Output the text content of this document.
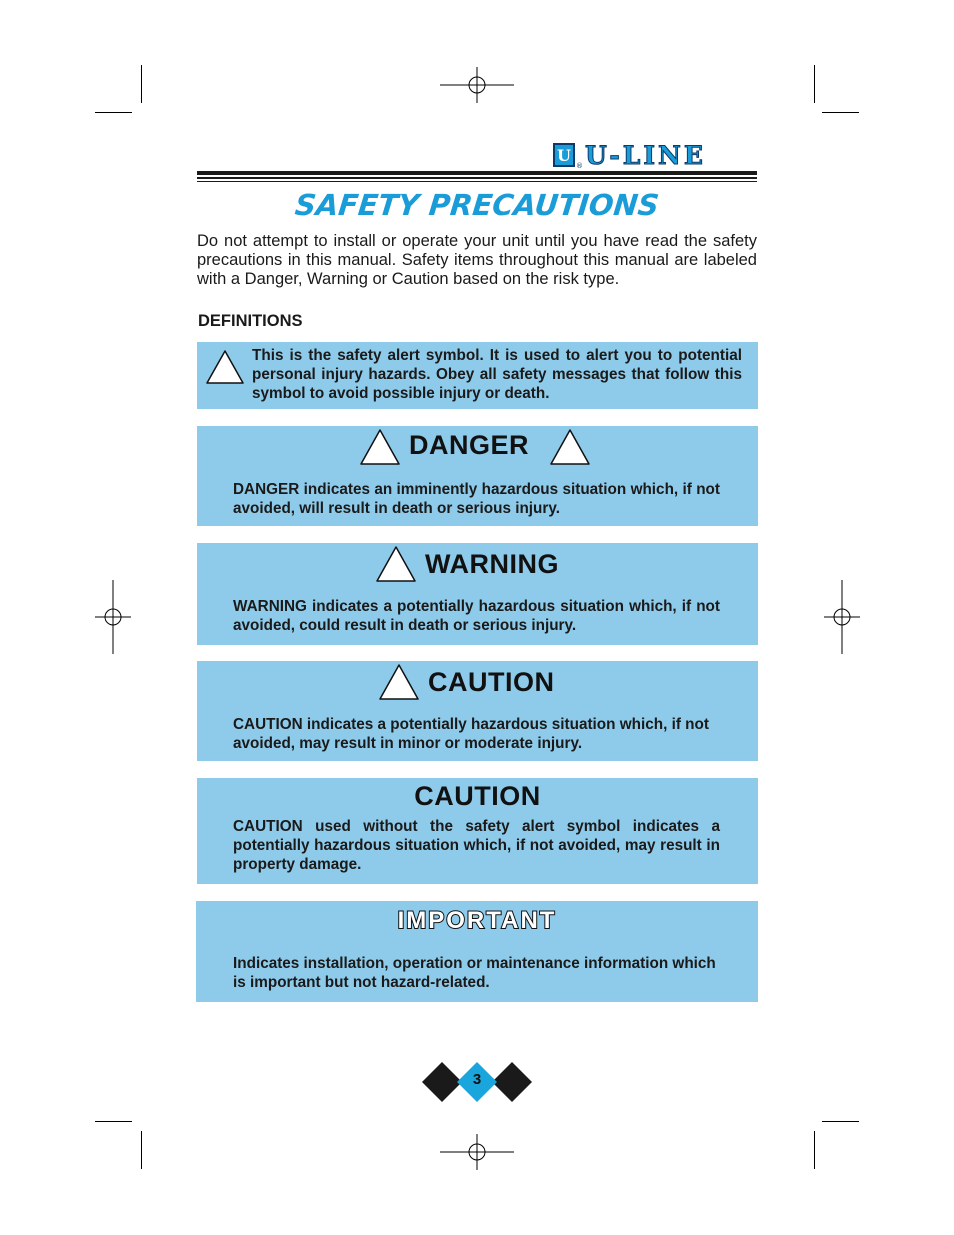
U
® U-LINE
SAFETY PRECAUTIONS

Do not attempt to install or operate your unit until you have read the safety precautions in this manual. Safety items throughout this manual are labeled with a Danger, Warning or Caution based on the risk type.

DEFINITIONS

This is the safety alert symbol. It is used to alert you to potential personal injury hazards. Obey all safety messages that follow this symbol to avoid possible injury or death.

DANGER

DANGER indicates an imminently hazardous situation which, if not avoided, will result in death or serious injury.

WARNING

WARNING indicates a potentially hazardous situation which, if not avoided, could result in death or serious injury.

CAUTION

CAUTION indicates a potentially hazardous situation which, if not avoided, may result in minor or moderate injury.

CAUTION

CAUTION used without the safety alert symbol indicates a potentially hazardous situation which, if not avoided, may result in property damage.

IMPORTANT

Indicates installation, operation or maintenance information which is important but not hazard-related.

3
